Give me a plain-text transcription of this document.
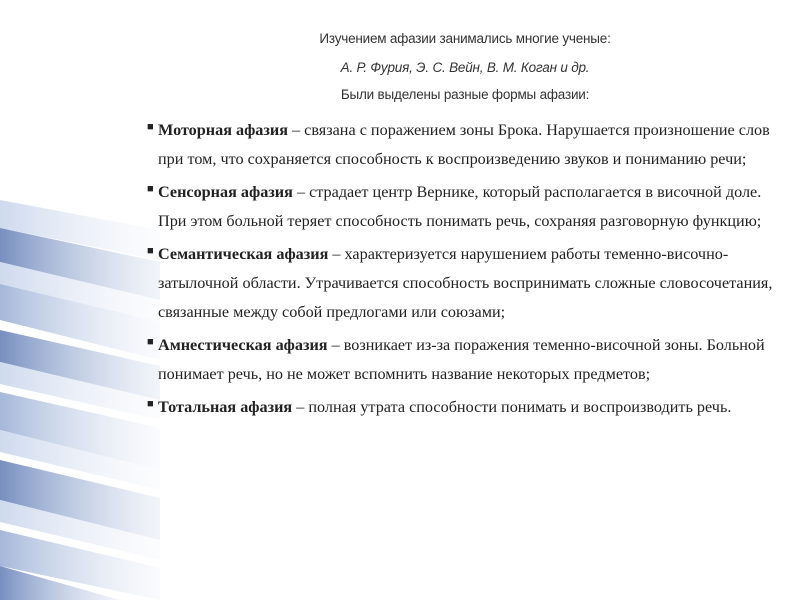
Изучением афазии занимались многие ученые:
А. Р. Фурия, Э. С. Вейн, В. М. Коган и др.
Были выделены разные формы афазии:
■ Моторная афазия – связана с поражением зоны Брока. Нарушается произношение слов при том, что сохраняется способность к воспроизведению звуков и пониманию речи;
■ Сенсорная афазия – страдает центр Вернике, который располагается в височной доле. При этом больной теряет способность понимать речь, сохраняя разговорную функцию;
■ Семантическая афазия – характеризуется нарушением работы теменно-височно-затылочной области. Утрачивается способность воспринимать сложные словосочетания, связанные между собой предлогами или союзами;
■ Амнестическая афазия – возникает из-за поражения теменно-височной зоны. Больной понимает речь, но не может вспомнить название некоторых предметов;
■ Тотальная афазия – полная утрата способности понимать и воспроизводить речь.
